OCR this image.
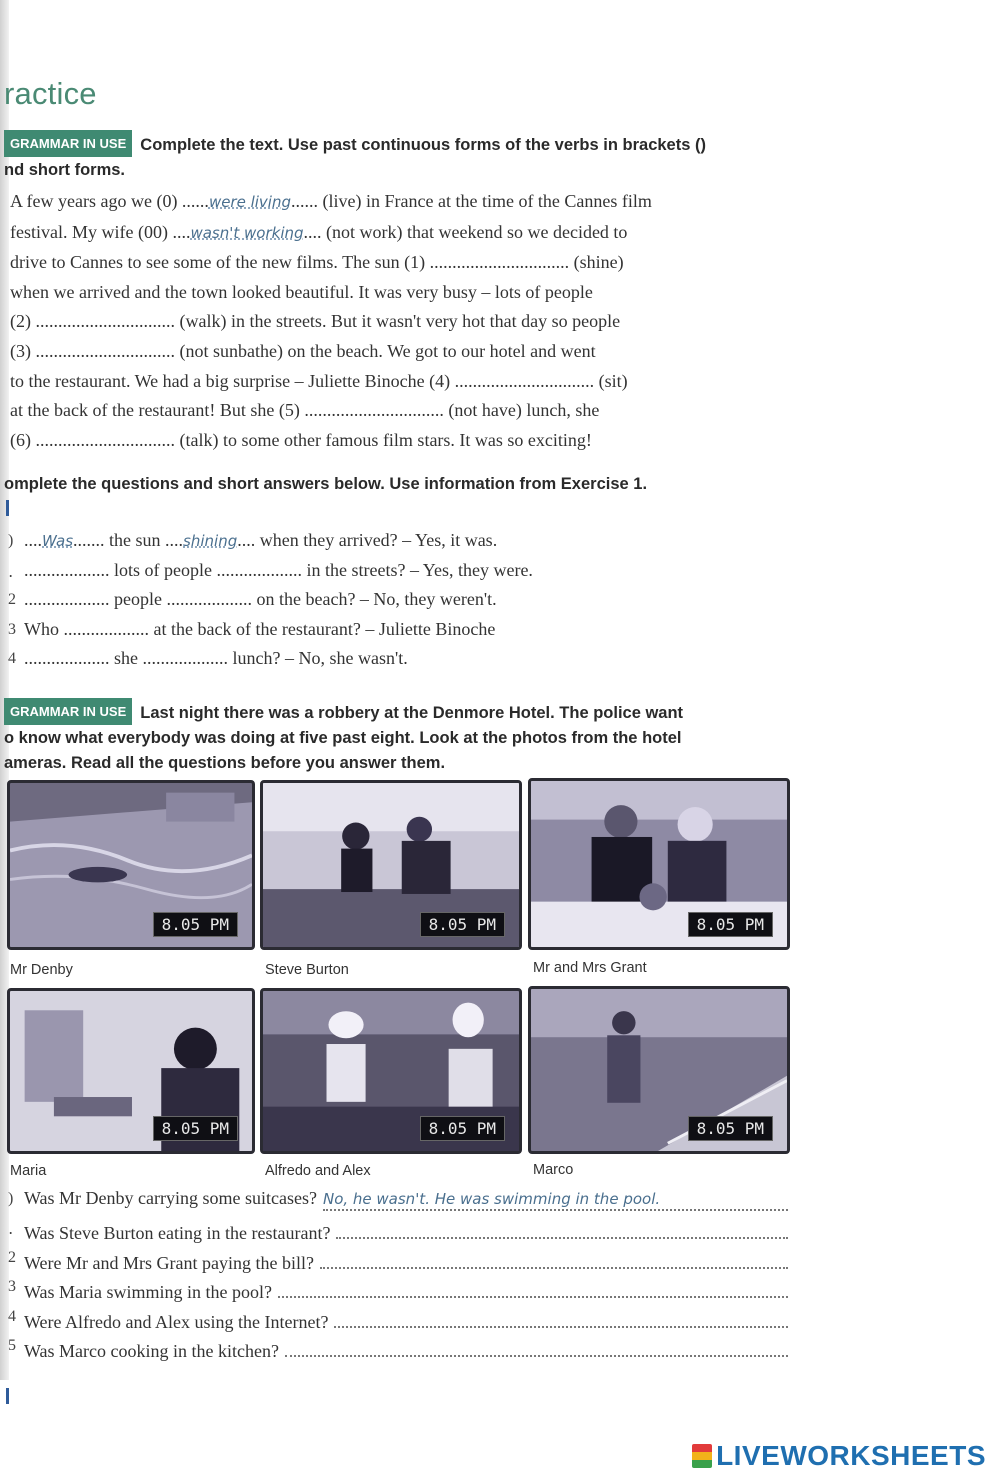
ractice
GRAMMAR IN USE Complete the text. Use past continuous forms of the verbs in brackets ()
nd short forms.
A few years ago we (0) ......were living...... (live) in France at the time of the Cannes film
festival. My wife (00) ....wasn't working.... (not work) that weekend so we decided to
drive to Cannes to see some of the new films. The sun (1) ............................... (shine)
when we arrived and the town looked beautiful. It was very busy – lots of people
(2) ............................... (walk) in the streets. But it wasn't very hot that day so people
(3) ............................... (not sunbathe) on the beach. We got to our hotel and went
to the restaurant. We had a big surprise – Juliette Binoche (4) ............................... (sit)
at the back of the restaurant! But she (5) ............................... (not have) lunch, she
(6) ............................... (talk) to some other famous film stars. It was so exciting!
omplete the questions and short answers below. Use information from Exercise 1.
) ....Was....... the sun ....shining.... when they arrived? – Yes, it was.
․ ................... lots of people ................... in the streets? – Yes, they were.
2 ................... people ................... on the beach? – No, they weren't.
3 Who ................... at the back of the restaurant? – Juliette Binoche
4 ................... she ................... lunch? – No, she wasn't.
GRAMMAR IN USE Last night there was a robbery at the Denmore Hotel. The police want
o know what everybody was doing at five past eight. Look at the photos from the hotel
ameras. Read all the questions before you answer them.
8.05 PM
Mr Denby
8.05 PM
Steve Burton
8.05 PM
Mr and Mrs Grant
8.05 PM
Maria
8.05 PM
Alfredo and Alex
8.05 PM
Marco
) Was Mr Denby carrying some suitcases? No, he wasn't. He was swimming in the pool.
․ Was Steve Burton eating in the restaurant?
2 Were Mr and Mrs Grant paying the bill?
3 Was Maria swimming in the pool?
4 Were Alfredo and Alex using the Internet?
5 Was Marco cooking in the kitchen?
LIVEWORKSHEETS
